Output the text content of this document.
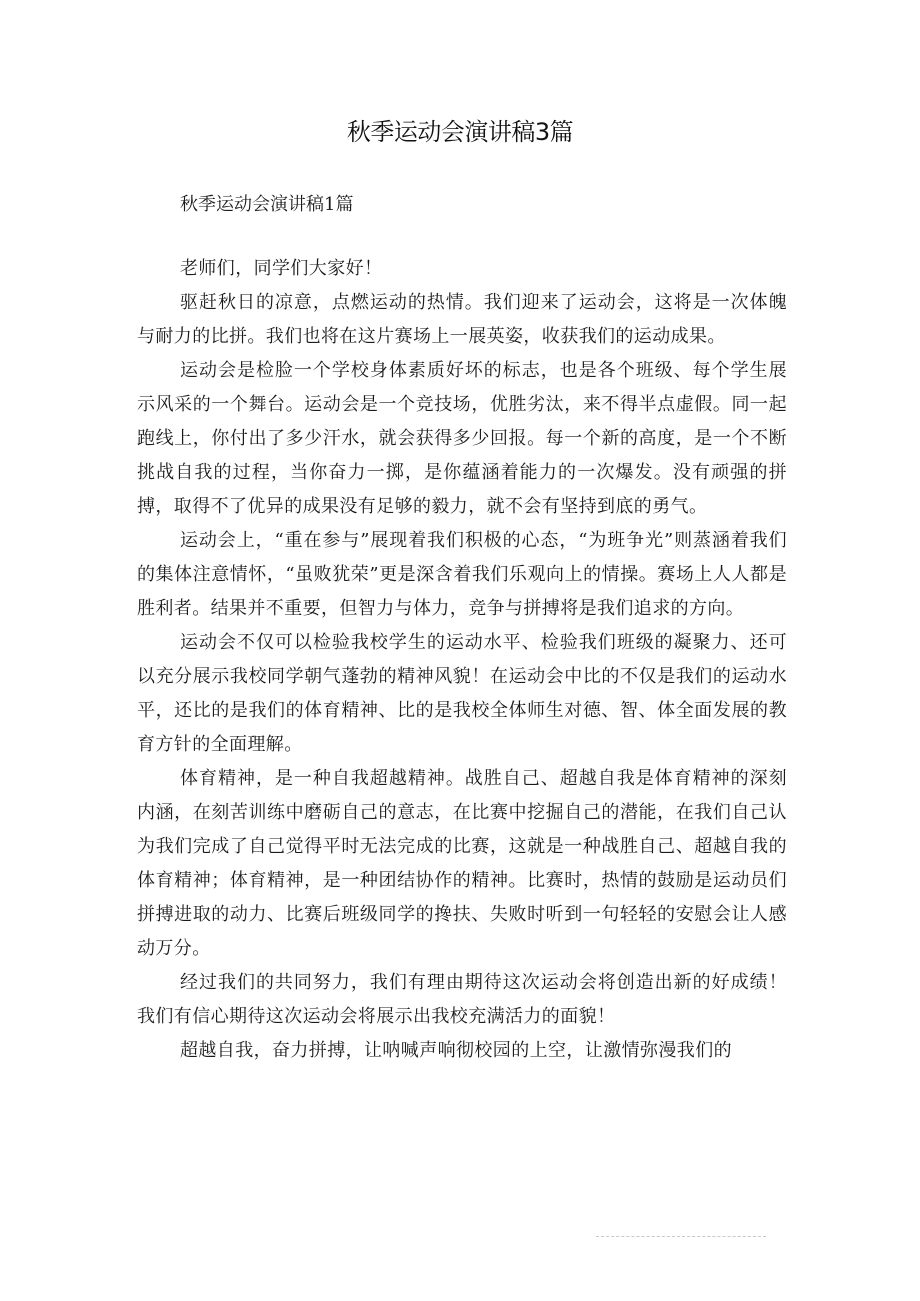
秋季运动会演讲稿3篇

秋季运动会演讲稿1篇

老师们，同学们大家好！

驱赶秋日的凉意，点燃运动的热情。我们迎来了运动会，这将是一次体魄与耐力的比拼。我们也将在这片赛场上一展英姿，收获我们的运动成果。

运动会是检脸一个学校身体素质好坏的标志，也是各个班级、每个学生展示风采的一个舞台。运动会是一个竞技场，优胜劣汰，来不得半点虚假。同一起跑线上，你付出了多少汗水，就会获得多少回报。每一个新的高度，是一个不断挑战自我的过程，当你奋力一掷，是你蕴涵着能力的一次爆发。没有顽强的拼搏，取得不了优异的成果没有足够的毅力，就不会有坚持到底的勇气。

运动会上，“重在参与”展现着我们积极的心态，“为班争光”则蒸涵着我们的集体注意情怀，“虽败犹荣”更是深含着我们乐观向上的情操。赛场上人人都是胜利者。结果并不重要，但智力与体力，竞争与拼搏将是我们追求的方向。

运动会不仅可以检验我校学生的运动水平、检验我们班级的凝聚力、还可以充分展示我校同学朝气蓬勃的精神风貌！在运动会中比的不仅是我们的运动水平，还比的是我们的体育精神、比的是我校全体师生对德、智、体全面发展的教育方针的全面理解。

体育精神，是一种自我超越精神。战胜自己、超越自我是体育精神的深刻内涵，在刻苦训练中磨砺自己的意志，在比赛中挖掘自己的潜能，在我们自己认为我们完成了自己觉得平时无法完成的比赛，这就是一种战胜自己、超越自我的体育精神；体育精神，是一种团结协作的精神。比赛时，热情的鼓励是运动员们拼搏进取的动力、比赛后班级同学的搀扶、失败时听到一句轻轻的安慰会让人感动万分。

经过我们的共同努力，我们有理由期待这次运动会将创造出新的好成绩！我们有信心期待这次运动会将展示出我校充满活力的面貌！

超越自我，奋力拼搏，让呐喊声响彻校园的上空，让激情弥漫我们的
